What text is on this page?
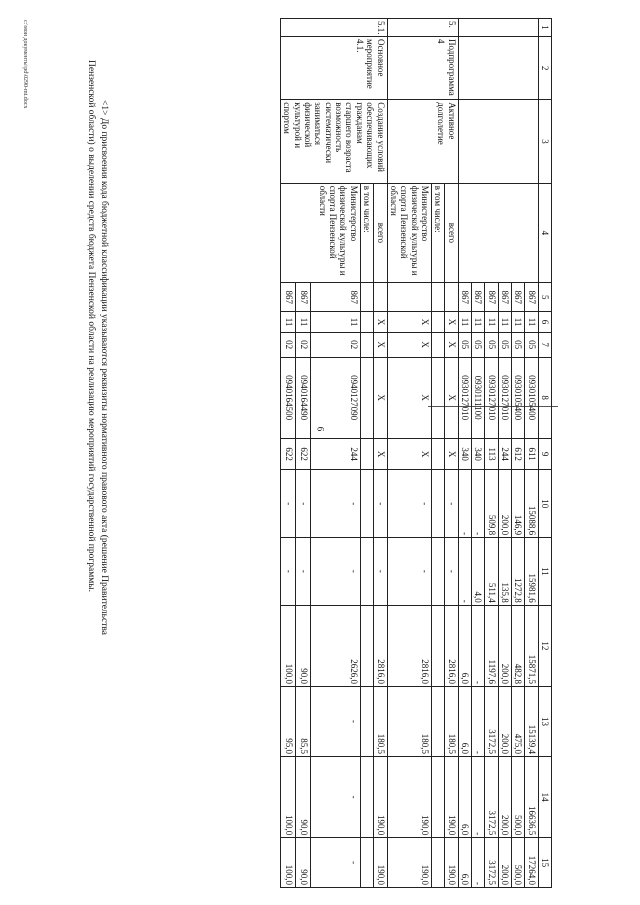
6
1	2	3	4	5	6	7	8	9	10	11	12	13	14	15
				867	11	05	0930105400	611	15088,6	15981,6	15871,5	15139,4	16636,5	17264,0
				867	11	05	0930105400	612	146,9	1272,8	482,8	475,0	500,0	500,0
				867	11	05	0930127010	244	200,0	135,8	200,0	200,0	200,0	200,0
				867	11	05	0930127010	113	509,8	511,4	1197,6	3172,5	3172,5	3172,5
				867	11	05	0930111100	340	-	4,0	-	-	-	-
				867	11	05	0930127010	340	-	-	6,0	6,0	6,0	6,0
5.	Подпрограмма 4	Активное долголетие	всего		X	X	X	X	-	-	2816,0	180,5	190,0	190,0
			в том числе:											
			Министерство физической культуры и спорта Пензенской области		X	X	X	X	-	-	2816,0	180,5	190,0	190,0
5.1.	Основное мероприятие 4.1.	Создание условий обеспечивающих гражданам старшего возраста возможность систематически заниматься физической культурой и спортом	всего		X	X	X	X	-	-	2816,0	180,5	190,0	190,0
			в том числе:											
			Министерство физической культуры и спорта Пензенской области	867	11	02	0940127090	244	-	-	2626,0	-	-	-
				867	11	02	0940164490	622	-	-	90,0	85,5	90,0	90,0
				867	11	02	0940164500	622	-	-	100,0	95,0	100,0	100,0
<1> До присвоения кода бюджетной классификации указываются реквизиты нормативного правового акта (решение Правительства
Пензенской области) о выделении средств бюджета Пензенской области на реализацию мероприятий государственной программы.
c:\мои документы\pd\0290-mt.docx
